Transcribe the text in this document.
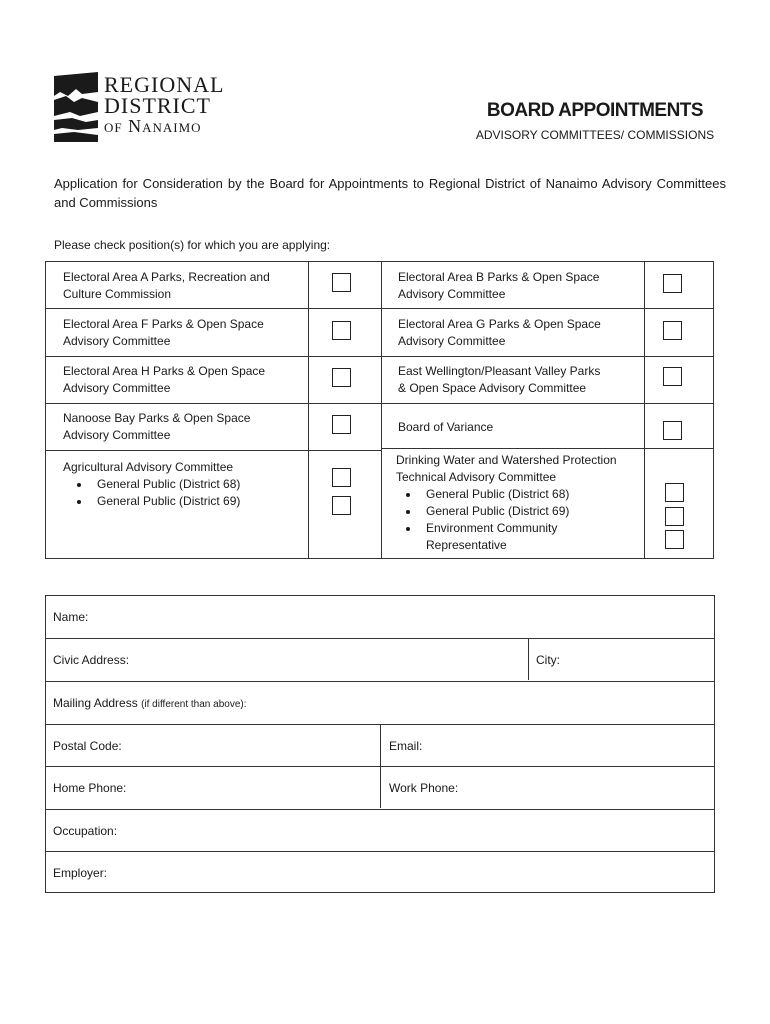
REGIONAL
DISTRICT
of Nanaimo
BOARD APPOINTMENTS
ADVISORY COMMITTEES/ COMMISSIONS
Application for Consideration by the Board for Appointments to Regional District of Nanaimo Advisory Committees and Commissions
Please check position(s) for which you are applying:
Electoral Area A Parks, Recreation and
Culture Commission
Electoral Area B Parks & Open Space
Advisory Committee
Electoral Area F Parks & Open Space
Advisory Committee
Electoral Area G Parks & Open Space
Advisory Committee
Electoral Area H Parks & Open Space
Advisory Committee
East Wellington/Pleasant Valley Parks
& Open Space Advisory Committee
Nanoose Bay Parks & Open Space
Advisory Committee
Board of Variance
Agricultural Advisory Committee
• General Public (District 68)
• General Public (District 69)
Drinking Water and Watershed Protection
Technical Advisory Committee
• General Public (District 68)
• General Public (District 69)
• Environment Community Representative
Name:
Civic Address:	City:
Mailing Address (if different than above):
Postal Code:	Email:
Home Phone:	Work Phone:
Occupation:
Employer:
